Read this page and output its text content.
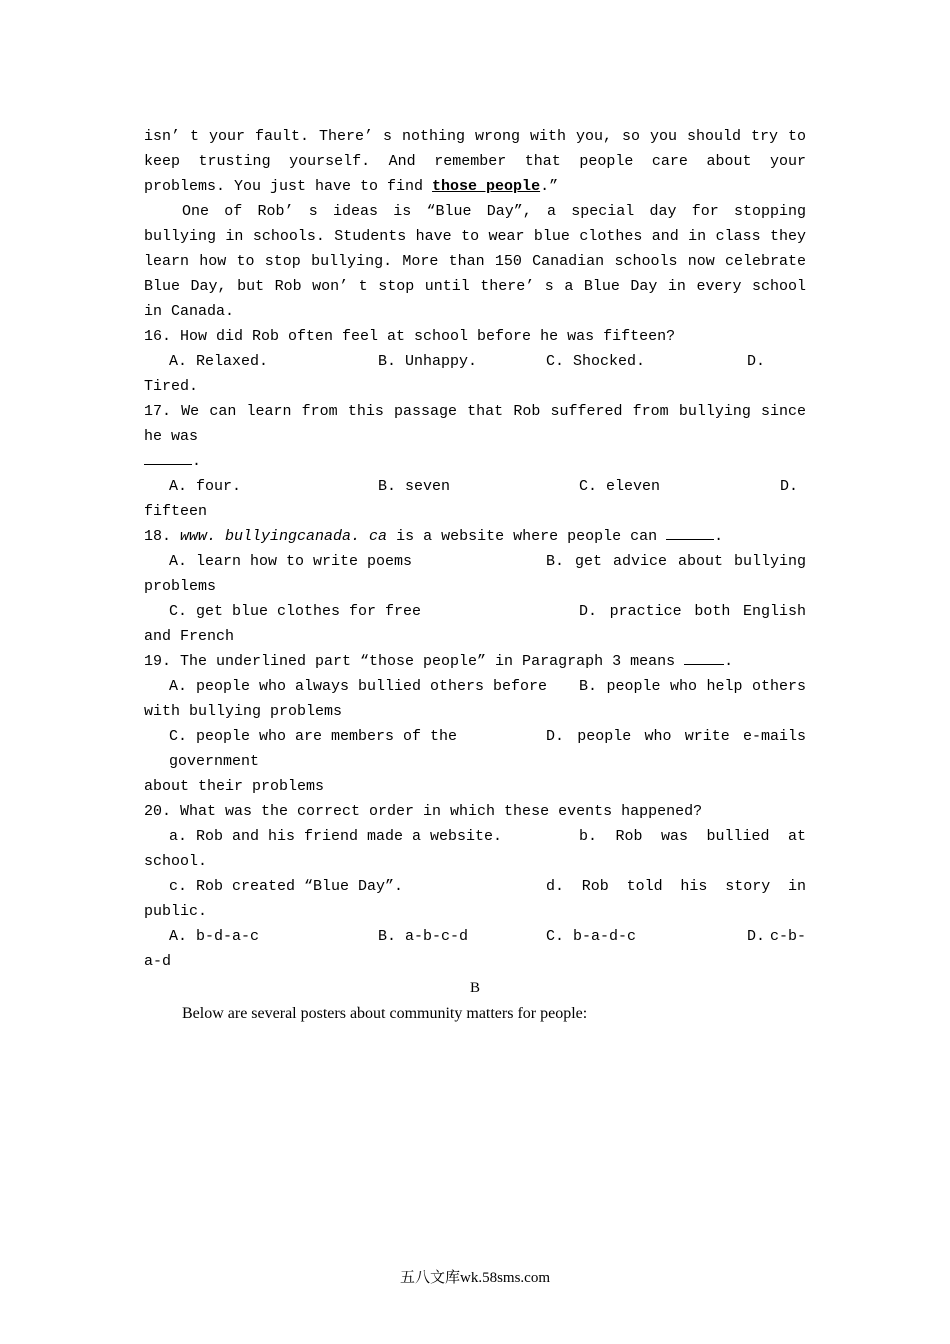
isn’ t your fault. There’ s nothing wrong with you, so you should try to keep trusting yourself. And remember that people care about your problems. You just have to find those people.”

One of Rob’ s ideas is “Blue Day”, a special day for stopping bullying in schools. Students have to wear blue clothes and in class they learn how to stop bullying. More than 150 Canadian schools now celebrate Blue Day, but Rob won’ t stop until there’ s a Blue Day in every school in Canada.

16. How did Rob often feel at school before he was fifteen?

A. Relaxed.	B. Unhappy.	C. Shocked.	D.

Tired.

17. We can learn from this passage that Rob suffered from bullying since he was

.

A. four.	B. seven	C. eleven	D.

fifteen

18. www. bullyingcanada. ca is a website where people can	.

A. learn how to write poems	B. get advice about bullying

problems

C. get blue clothes for free	D. practice both English

and French

19. The underlined part “those people” in Paragraph 3 means	.

A. people who always bullied others before	B. people who help others

with bullying problems

C. people who are members of the government
D. people who write e-mails

about their problems

20. What was the correct order in which these events happened?

a. Rob and his friend made a website.	b. Rob was bullied at

school.

c. Rob created “Blue Day”.	d. Rob told his story in

public.

A. b-d-a-c	B. a-b-c-d	C. b-a-d-c	D. c-b-

a-d

B

Below are several posters about community matters for people:

五八文库wk.58sms.com
